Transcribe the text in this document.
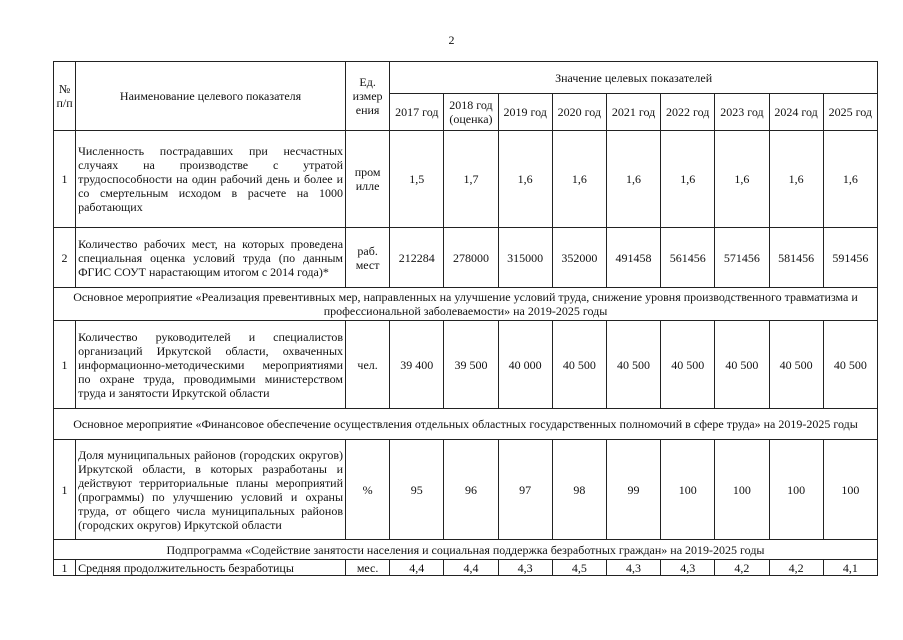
2
№ п/п	Наименование целевого показателя	Ед. измер ения	Значение целевых показателей								
			2017 год	2018 год (оценка)	2019 год	2020 год	2021 год	2022 год	2023 год	2024 год	2025 год
1	Численность пострадавших при несчастных случаях на производстве с утратой трудоспособности на один рабочий день и более и со смертельным исходом в расчете на 1000 работающих	пром илле	1,5	1,7	1,6	1,6	1,6	1,6	1,6	1,6	1,6
2	Количество рабочих мест, на которых проведена специальная оценка условий труда (по данным ФГИС СОУТ нарастающим итогом с 2014 года)*	раб. мест	212284	278000	315000	352000	491458	561456	571456	581456	591456
Основное мероприятие «Реализация превентивных мер, направленных на улучшение условий труда, снижение уровня производственного травматизма и профессиональной заболеваемости» на 2019-2025 годы											
1	Количество руководителей и специалистов организаций Иркутской области, охваченных информационно-методическими мероприятиями по охране труда, проводимыми министерством труда и занятости Иркутской области	чел.	39 400	39 500	40 000	40 500	40 500	40 500	40 500	40 500	40 500
Основное мероприятие «Финансовое обеспечение осуществления отдельных областных государственных полномочий в сфере труда» на 2019-2025 годы											
1	Доля муниципальных районов (городских округов) Иркутской области, в которых разработаны и действуют территориальные планы мероприятий (программы) по улучшению условий и охраны труда, от общего числа муниципальных районов (городских округов) Иркутской области	%	95	96	97	98	99	100	100	100	100
Подпрограмма «Содействие занятости населения и социальная поддержка безработных граждан» на 2019-2025 годы											
1	Средняя продолжительность безработицы	мес.	4,4	4,4	4,3	4,5	4,3	4,3	4,2	4,2	4,1
